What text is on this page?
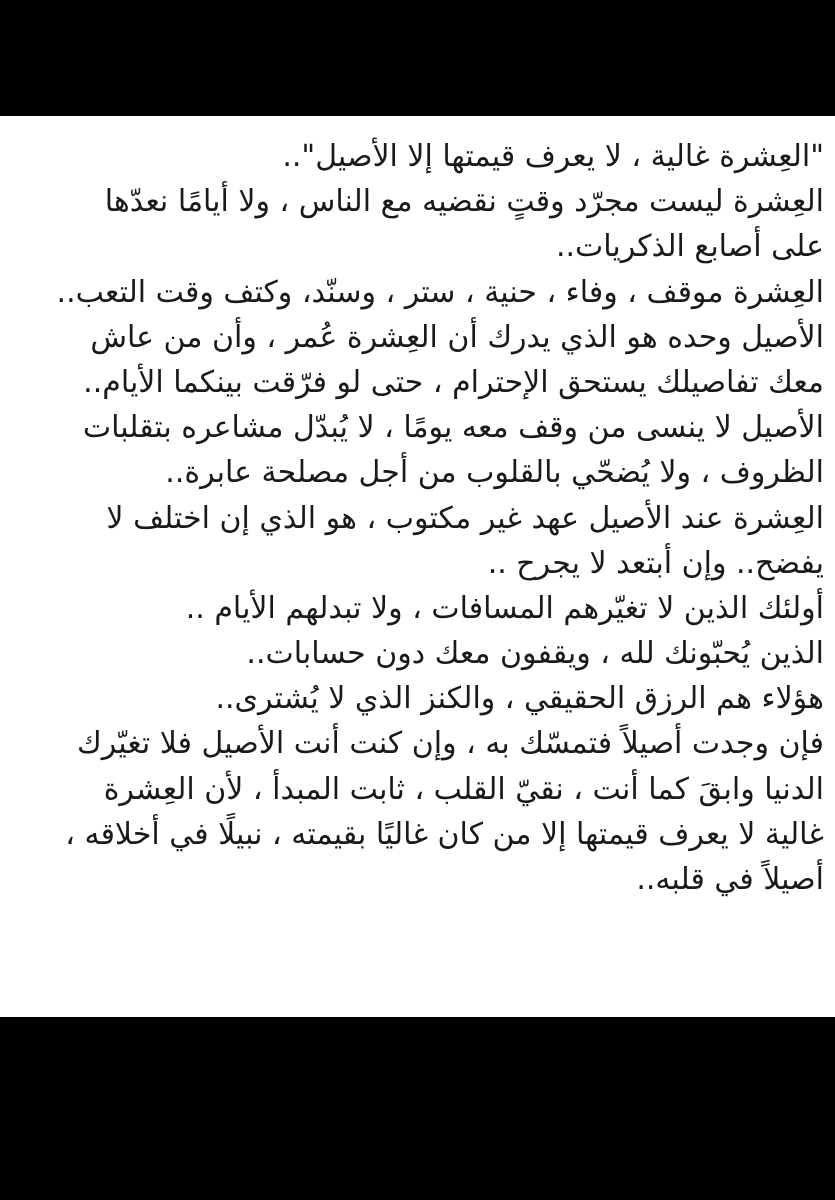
"العِشرة غالية ، لا يعرف قيمتها إلا الأصيل"..
العِشرة ليست مجرّد وقتٍ نقضيه مع الناس ، ولا أيامًا نعدّها
على أصابع الذكريات..
العِشرة موقف ، وفاء ، حنية ، ستر ، وسنّد، وكتف وقت التعب..
الأصيل وحده هو الذي يدرك أن العِشرة عُمر ، وأن من عاش
معك تفاصيلك يستحق الإحترام ، حتى لو فرّقت بينكما الأيام..
الأصيل لا ينسى من وقف معه يومًا ، لا يُبدّل مشاعره بتقلبات
الظروف ، ولا يُضحّي بالقلوب من أجل مصلحة عابرة..
العِشرة عند الأصيل عهد غير مكتوب ، هو الذي إن اختلف لا
يفضح.. وإن أبتعد لا يجرح ..
أولئك الذين لا تغيّرهم المسافات ، ولا تبدلهم الأيام ..
الذين يُحبّونك لله ، ويقفون معك دون حسابات..
هؤلاء هم الرزق الحقيقي ، والكنز الذي لا يُشترى..
فإن وجدت أصيلاً فتمسّك به ، وإن كنت أنت الأصيل فلا تغيّرك
الدنيا وابقَ كما أنت ، نقيّ القلب ، ثابت المبدأ ، لأن العِشرة
غالية لا يعرف قيمتها إلا من كان غاليًا بقيمته ، نبيلًا في أخلاقه ،
أصيلاً في قلبه..
